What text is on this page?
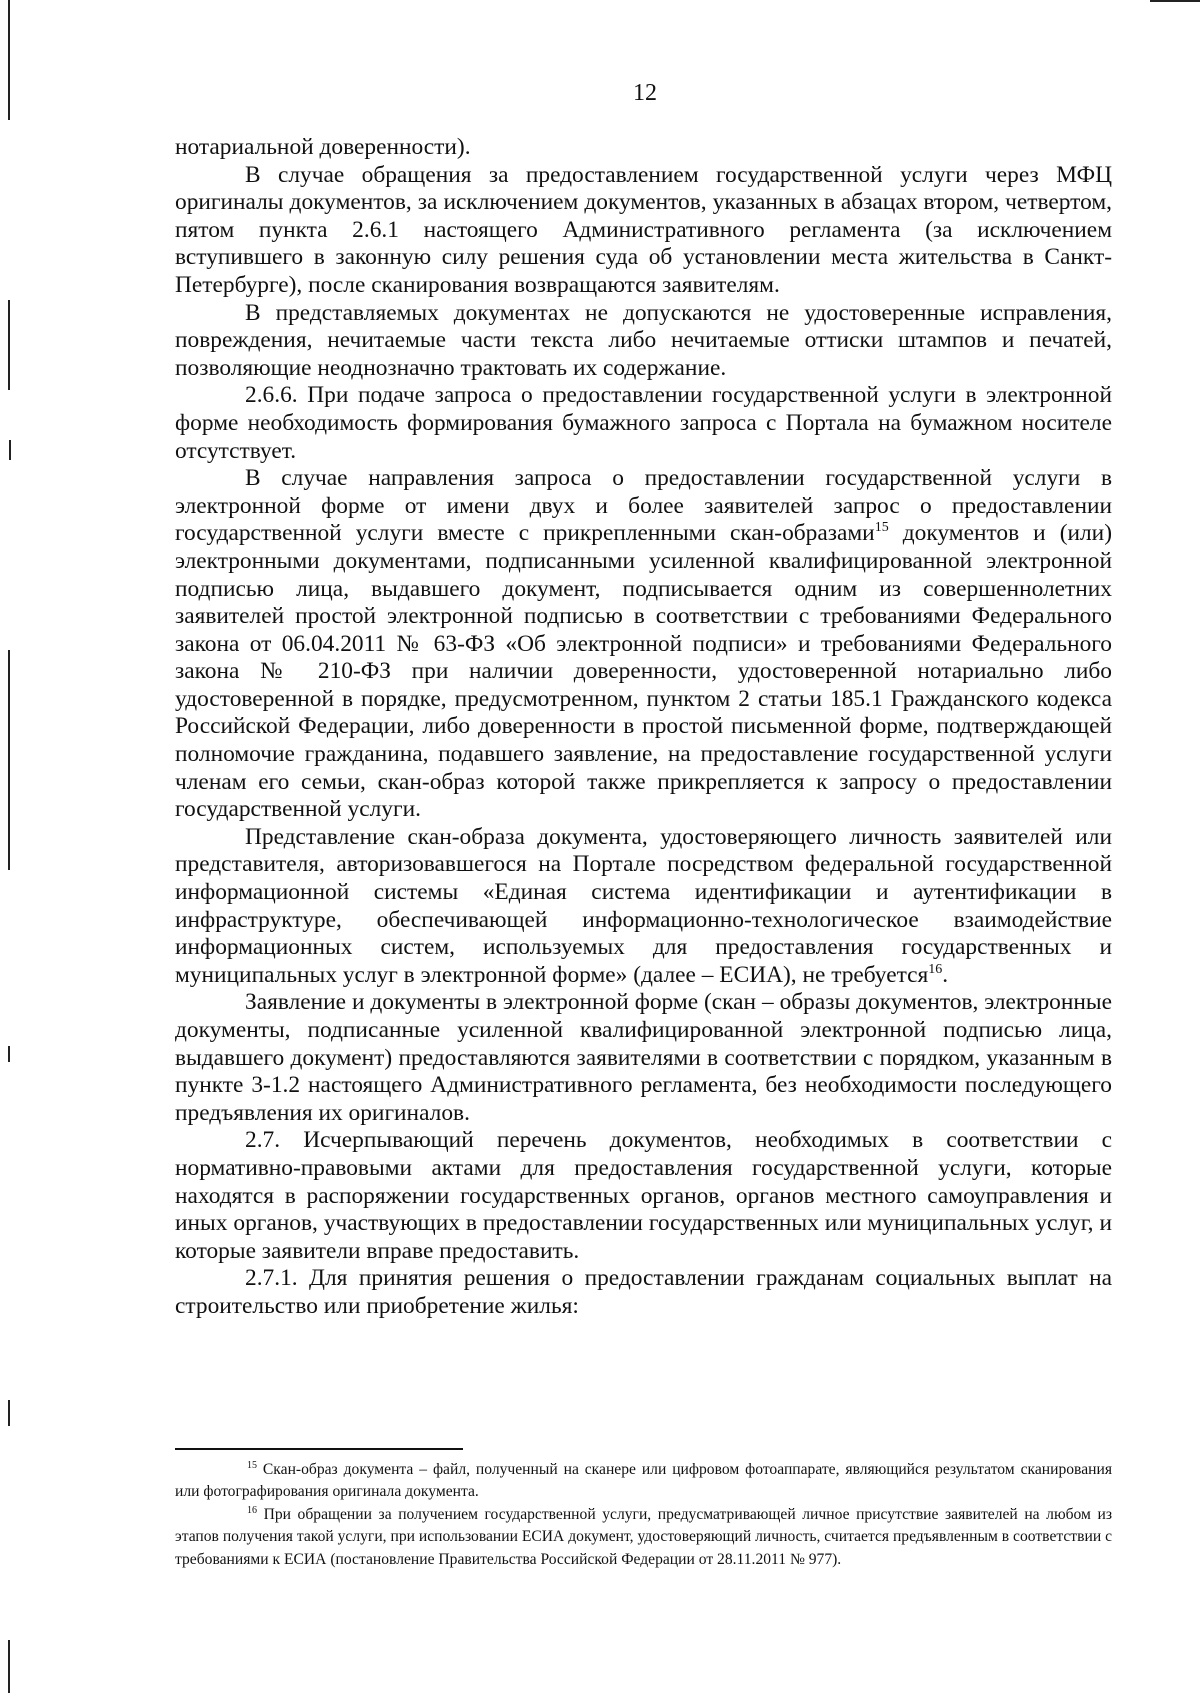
12

нотариальной доверенности).

В случае обращения за предоставлением государственной услуги через МФЦ оригиналы документов, за исключением документов, указанных в абзацах втором, четвертом, пятом пункта 2.6.1 настоящего Административного регламента (за исключением вступившего в законную силу решения суда об установлении места жительства в Санкт-Петербурге), после сканирования возвращаются заявителям.

В представляемых документах не допускаются не удостоверенные исправления, повреждения, нечитаемые части текста либо нечитаемые оттиски штампов и печатей, позволяющие неоднозначно трактовать их содержание.

2.6.6. При подаче запроса о предоставлении государственной услуги в электронной форме необходимость формирования бумажного запроса с Портала на бумажном носителе отсутствует.

В случае направления запроса о предоставлении государственной услуги в электронной форме от имени двух и более заявителей запрос о предоставлении государственной услуги вместе с прикрепленными скан-образами$^{15}$ документов и (или) электронными документами, подписанными усиленной квалифицированной электронной подписью лица, выдавшего документ, подписывается одним из совершеннолетних заявителей простой электронной подписью в соответствии с требованиями Федерального закона от 06.04.2011 № 63-ФЗ «Об электронной подписи» и требованиями Федерального закона № 210-ФЗ при наличии доверенности, удостоверенной нотариально либо удостоверенной в порядке, предусмотренном, пунктом 2 статьи 185.1 Гражданского кодекса Российской Федерации, либо доверенности в простой письменной форме, подтверждающей полномочие гражданина, подавшего заявление, на предоставление государственной услуги членам его семьи, скан-образ которой также прикрепляется к запросу о предоставлении государственной услуги.

Представление скан-образа документа, удостоверяющего личность заявителей или представителя, авторизовавшегося на Портале посредством федеральной государственной информационной системы «Единая система идентификации и аутентификации в инфраструктуре, обеспечивающей информационно-технологическое взаимодействие информационных систем, используемых для предоставления государственных и муниципальных услуг в электронной форме» (далее – ЕСИА), не требуется$^{16}$.

Заявление и документы в электронной форме (скан – образы документов, электронные документы, подписанные усиленной квалифицированной электронной подписью лица, выдавшего документ) предоставляются заявителями в соответствии с порядком, указанным в пункте 3-1.2 настоящего Административного регламента, без необходимости последующего предъявления их оригиналов.

2.7. Исчерпывающий перечень документов, необходимых в соответствии с нормативно-правовыми актами для предоставления государственной услуги, которые находятся в распоряжении государственных органов, органов местного самоуправления и иных органов, участвующих в предоставлении государственных или муниципальных услуг, и которые заявители вправе предоставить.

2.7.1. Для принятия решения о предоставлении гражданам социальных выплат на строительство или приобретение жилья:

$^{15}$ Скан-образ документа – файл, полученный на сканере или цифровом фотоаппарате, являющийся результатом сканирования или фотографирования оригинала документа.

$^{16}$ При обращении за получением государственной услуги, предусматривающей личное присутствие заявителей на любом из этапов получения такой услуги, при использовании ЕСИА документ, удостоверяющий личность, считается предъявленным в соответствии с требованиями к ЕСИА (постановление Правительства Российской Федерации от 28.11.2011 № 977).
